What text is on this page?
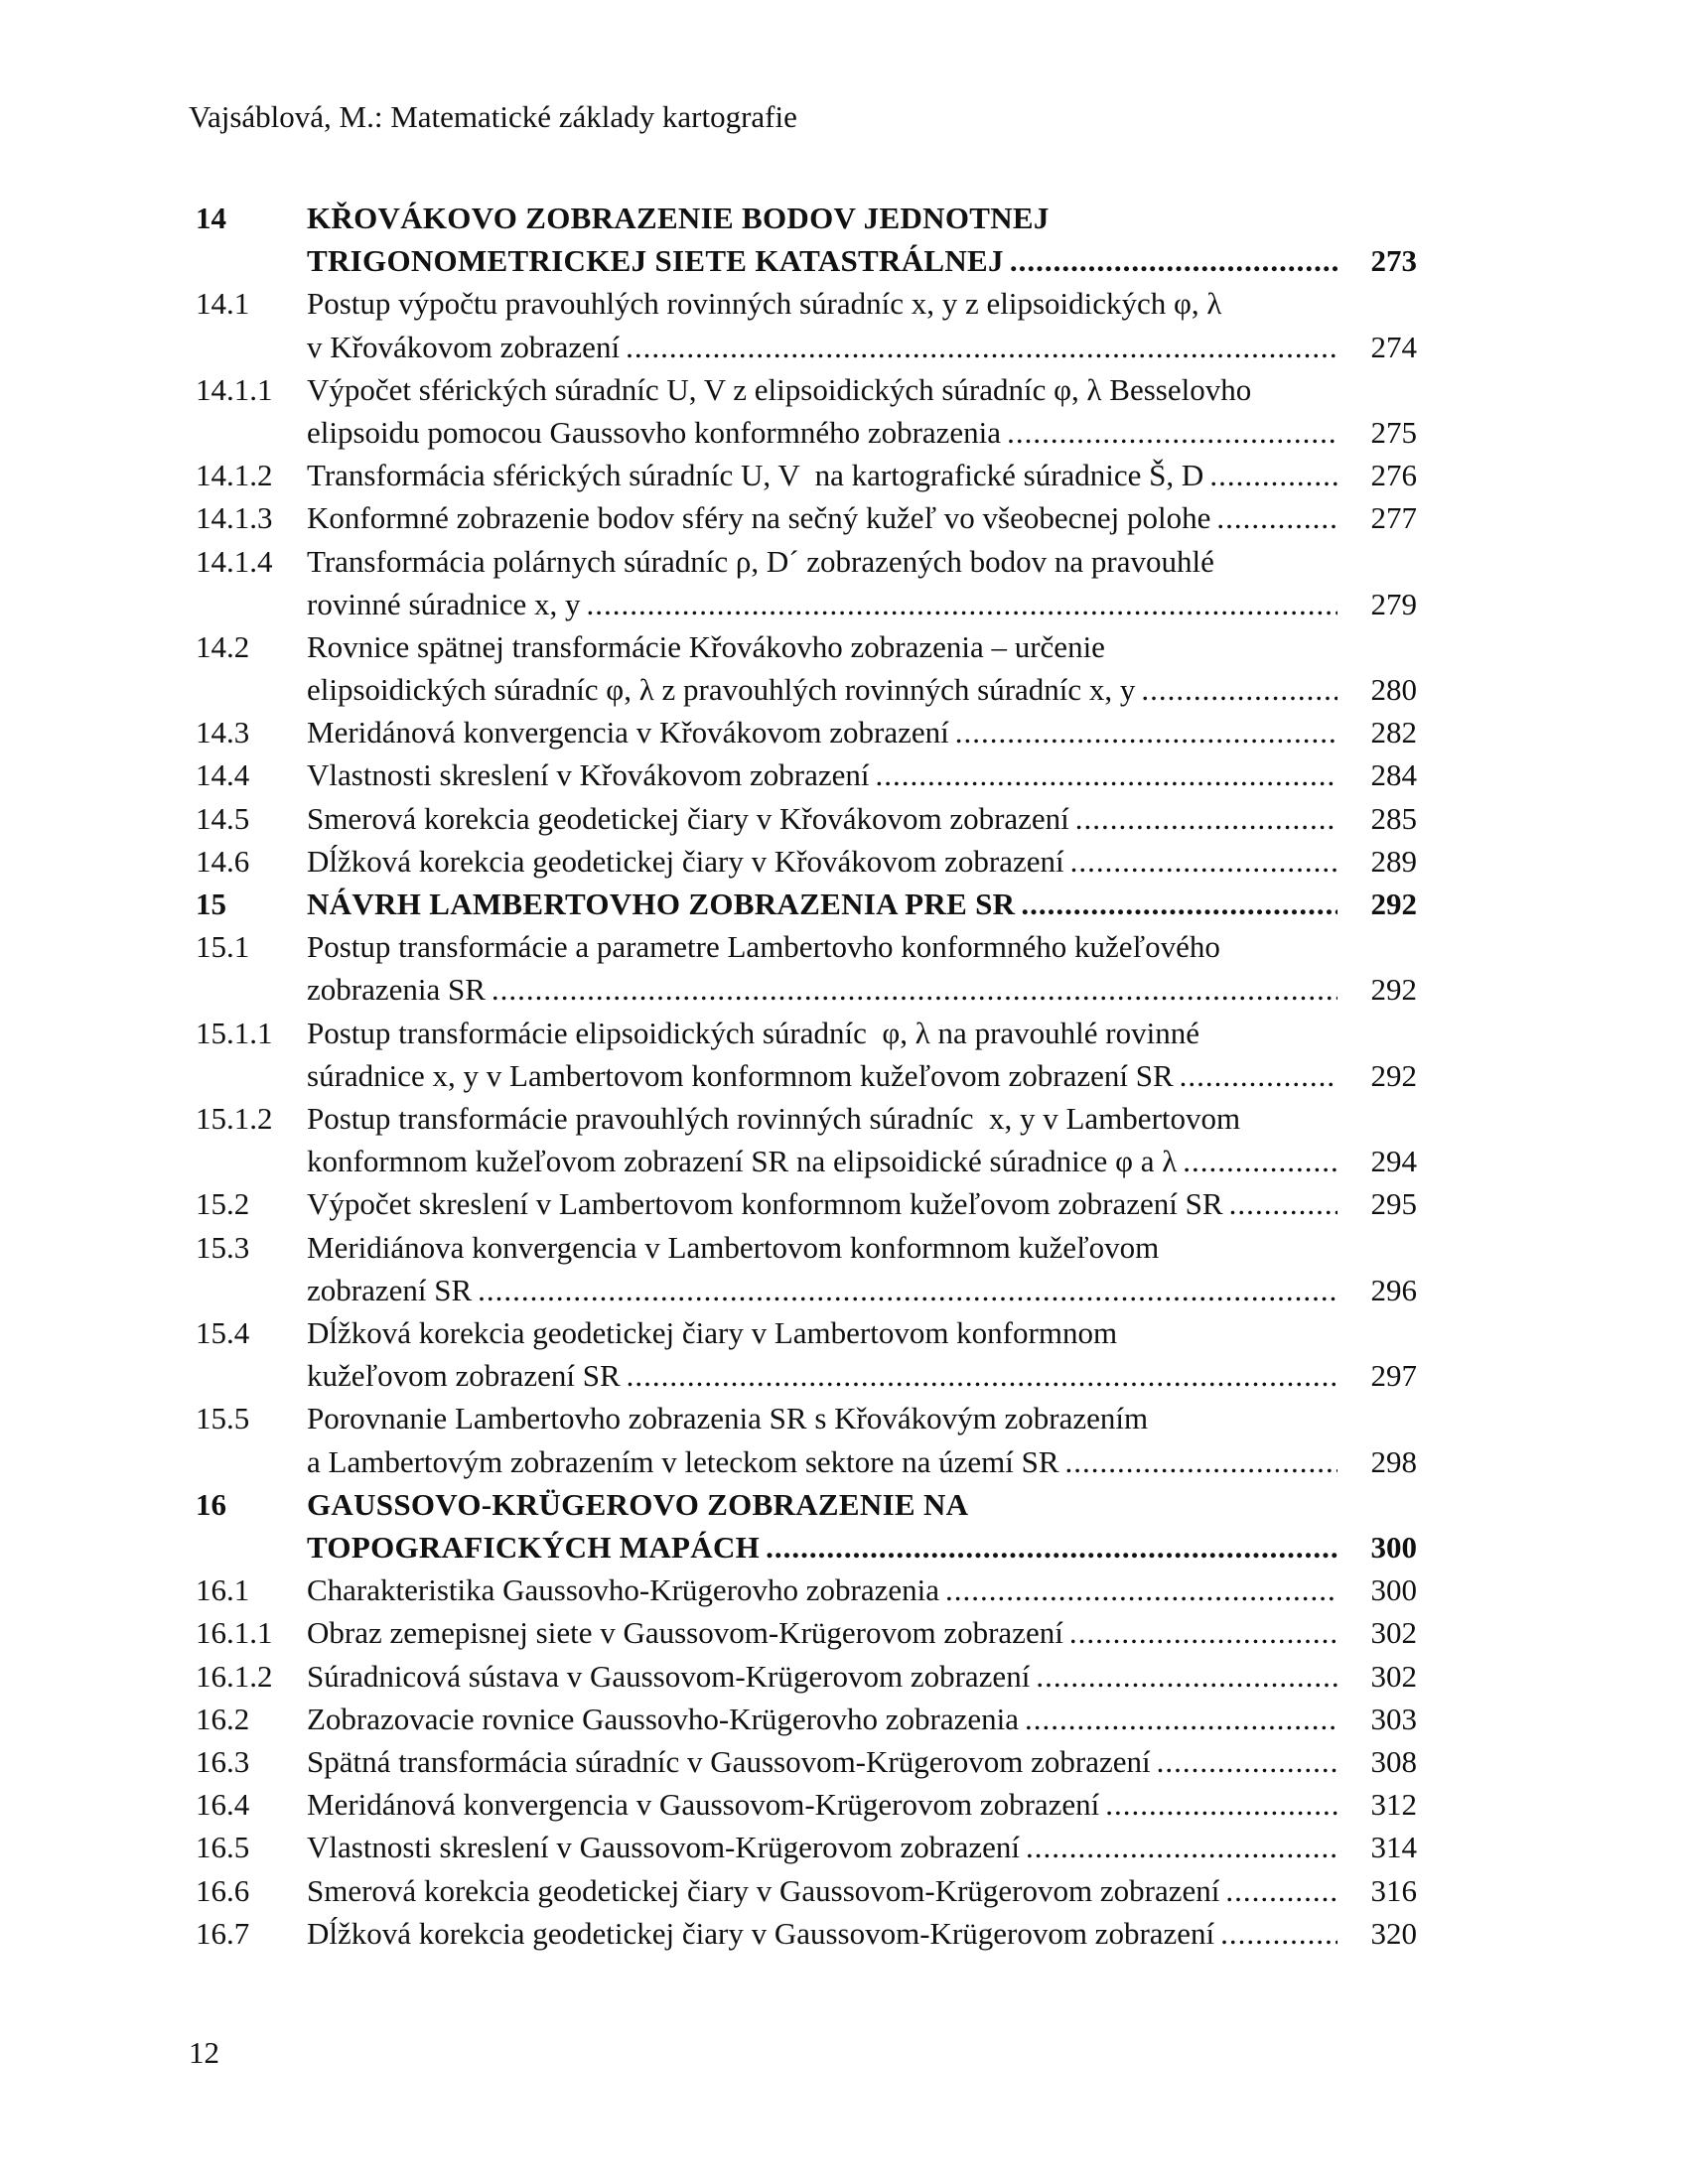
Vajsáblová, M.: Matematické základy kartografie
14	KŘOVÁKOVO ZOBRAZENIE BODOV JEDNOTNEJ
TRIGONOMETRICKEJ SIETE KATASTRÁLNEJ .....	273
14.1	Postup výpočtu pravouhlých rovinných súradníc x, y z elipsoidických φ, λ
v Křovákovom zobrazení .....	274
14.1.1	Výpočet sférických súradníc U, V z elipsoidických súradníc φ, λ Besselovho
elipsoidu pomocou Gaussovho konformného zobrazenia .....	275
14.1.2	Transformácia sférických súradníc U, V  na kartografické súradnice Š, D .....	276
14.1.3	Konformné zobrazenie bodov sféry na sečný kužeľ vo všeobecnej polohe .....	277
14.1.4	Transformácia polárnych súradníc ρ, D´ zobrazených bodov na pravouhlé
rovinné súradnice x, y .....	279
14.2	Rovnice spätnej transformácie Křovákovho zobrazenia – určenie
elipsoidických súradníc φ, λ z pravouhlých rovinných súradníc x, y .....	280
14.3	Meridánová konvergencia v Křovákovom zobrazení .....	282
14.4	Vlastnosti skreslení v Křovákovom zobrazení .....	284
14.5	Smerová korekcia geodetickej čiary v Křovákovom zobrazení .....	285
14.6	Dĺžková korekcia geodetickej čiary v Křovákovom zobrazení .....	289
15	NÁVRH LAMBERTOVHO ZOBRAZENIA PRE SR .....	292
15.1	Postup transformácie a parametre Lambertovho konformného kužeľového
zobrazenia SR .....	292
15.1.1	Postup transformácie elipsoidických súradníc  φ, λ na pravouhlé rovinné
súradnice x, y v Lambertovom konformnom kužeľovom zobrazení SR .....	292
15.1.2	Postup transformácie pravouhlých rovinných súradníc  x, y v Lambertovom
konformnom kužeľovom zobrazení SR na elipsoidické súradnice φ a λ .....	294
15.2	Výpočet skreslení v Lambertovom konformnom kužeľovom zobrazení SR .....	295
15.3	Meridiánova konvergencia v Lambertovom konformnom kužeľovom
zobrazení SR .....	296
15.4	Dĺžková korekcia geodetickej čiary v Lambertovom konformnom
kužeľovom zobrazení SR .....	297
15.5	Porovnanie Lambertovho zobrazenia SR s Křovákovým zobrazením
a Lambertovým zobrazením v leteckom sektore na území SR .....	298
16	GAUSSOVO-KRÜGEROVO ZOBRAZENIE NA
TOPOGRAFICKÝCH MAPÁCH .....	300
16.1	Charakteristika Gaussovho-Krügerovho zobrazenia .....	300
16.1.1	Obraz zemepisnej siete v Gaussovom-Krügerovom zobrazení .....	302
16.1.2	Súradnicová sústava v Gaussovom-Krügerovom zobrazení .....	302
16.2	Zobrazovacie rovnice Gaussovho-Krügerovho zobrazenia .....	303
16.3	Spätná transformácia súradníc v Gaussovom-Krügerovom zobrazení .....	308
16.4	Meridánová konvergencia v Gaussovom-Krügerovom zobrazení .....	312
16.5	Vlastnosti skreslení v Gaussovom-Krügerovom zobrazení .....	314
16.6	Smerová korekcia geodetickej čiary v Gaussovom-Krügerovom zobrazení .....	316
16.7	Dĺžková korekcia geodetickej čiary v Gaussovom-Krügerovom zobrazení .....	320
12
